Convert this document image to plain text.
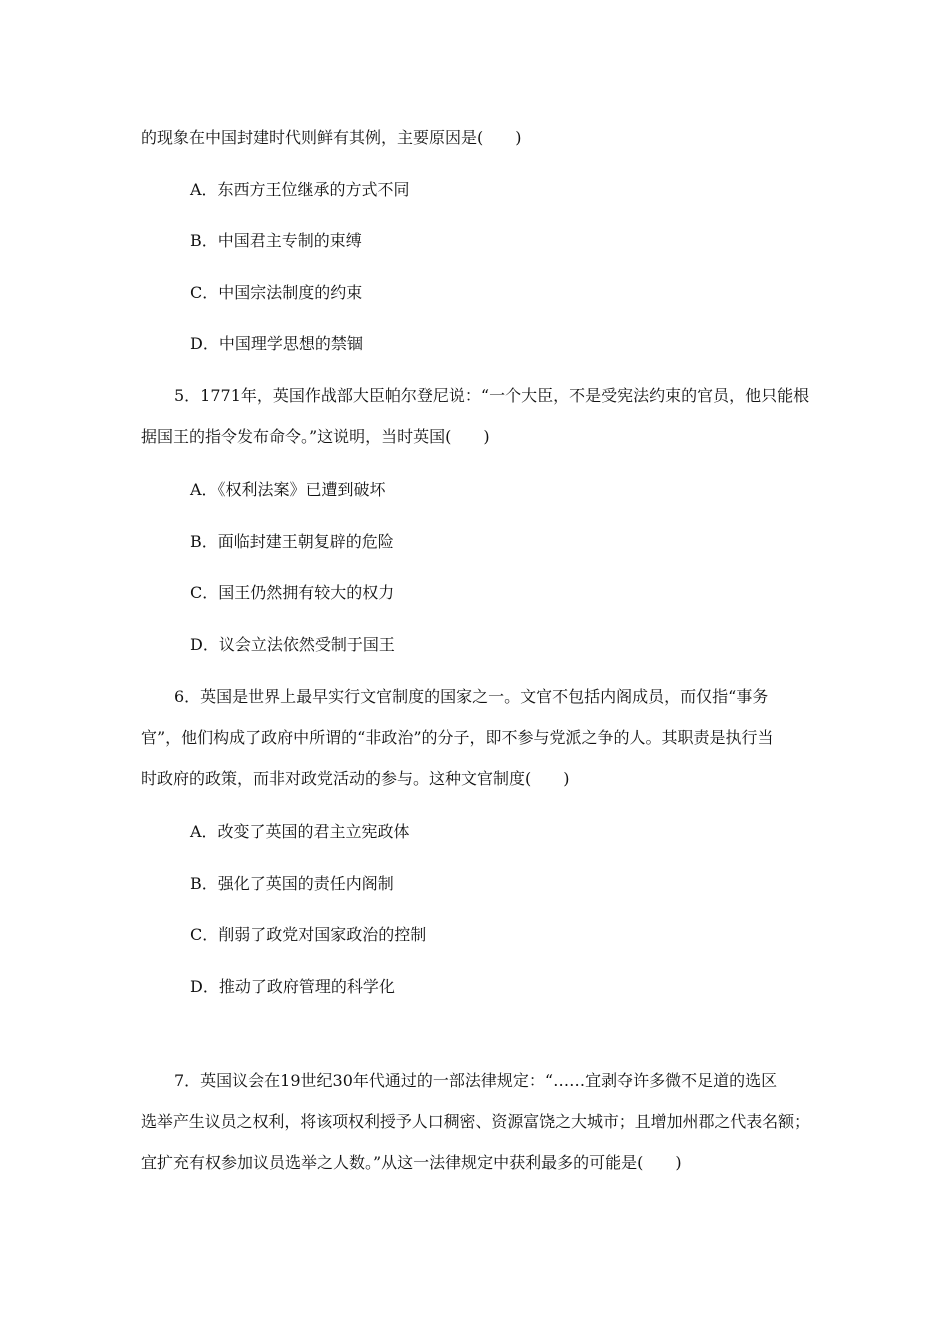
的现象在中国封建时代则鲜有其例，主要原因是(　　)
A．东西方王位继承的方式不同
B．中国君主专制的束缚
C．中国宗法制度的约束
D．中国理学思想的禁锢
5．1771年，英国作战部大臣帕尔登尼说：“一个大臣，不是受宪法约束的官员，他只能根
据国王的指令发布命令。”这说明，当时英国(　　)
A．《权利法案》已遭到破坏
B．面临封建王朝复辟的危险
C．国王仍然拥有较大的权力
D．议会立法依然受制于国王
6．英国是世界上最早实行文官制度的国家之一。文官不包括内阁成员，而仅指“事务
官”，他们构成了政府中所谓的“非政治”的分子，即不参与党派之争的人。其职责是执行当
时政府的政策，而非对政党活动的参与。这种文官制度(　　)
A．改变了英国的君主立宪政体
B．强化了英国的责任内阁制
C．削弱了政党对国家政治的控制
D．推动了政府管理的科学化
7．英国议会在19世纪30年代通过的一部法律规定：“……宜剥夺许多微不足道的选区
选举产生议员之权利，将该项权利授予人口稠密、资源富饶之大城市；且增加州郡之代表名额；
宜扩充有权参加议员选举之人数。”从这一法律规定中获利最多的可能是(　　)
